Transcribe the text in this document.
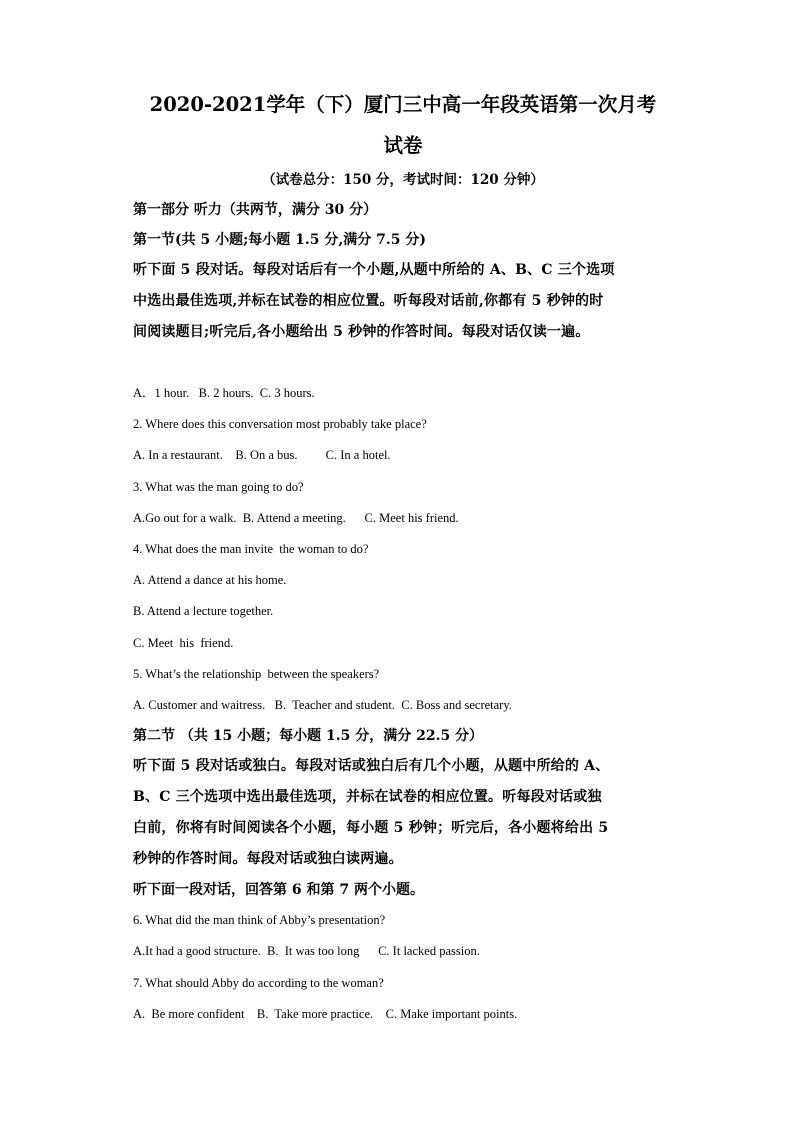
2020-2021学年（下）厦门三中高一年段英语第一次月考
试卷
（试卷总分：150 分，考试时间：120 分钟）
第一部分 听力（共两节，满分 30 分）
第一节(共 5 小题;每小题 1.5 分,满分 7.5 分)
听下面 5 段对话。每段对话后有一个小题,从题中所给的 A、B、C 三个选项
中选出最佳选项,并标在试卷的相应位置。听每段对话前,你都有 5 秒钟的时
间阅读题目;听完后,各小题给出 5 秒钟的作答时间。每段对话仅读一遍。
A．1 hour.   B. 2 hours.  C. 3 hours.
2. Where does this conversation most probably take place?
A. In a restaurant.    B. On a bus.         C. In a hotel.
3. What was the man going to do?
A.Go out for a walk.  B. Attend a meeting.      C. Meet his friend.
4. What does the man invite  the woman to do?
A. Attend a dance at his home.
B. Attend a lecture together.
C. Meet  his  friend.
5. What’s the relationship  between the speakers?
A. Customer and waitress.   B.  Teacher and student.  C. Boss and secretary.
第二节 （共 15 小题；每小题 1.5 分，满分 22.5 分）
听下面 5 段对话或独白。每段对话或独白后有几个小题，从题中所给的 A、
B、C 三个选项中选出最佳选项，并标在试卷的相应位置。听每段对话或独
白前，你将有时间阅读各个小题，每小题 5 秒钟；听完后，各小题将给出 5
秒钟的作答时间。每段对话或独白读两遍。
听下面一段对话，回答第 6 和第 7 两个小题。
6. What did the man think of Abby’s presentation?
A.It had a good structure.  B.  It was too long      C. It lacked passion.
7. What should Abby do according to the woman?
A.  Be more confident    B.  Take more practice.    C. Make important points.
